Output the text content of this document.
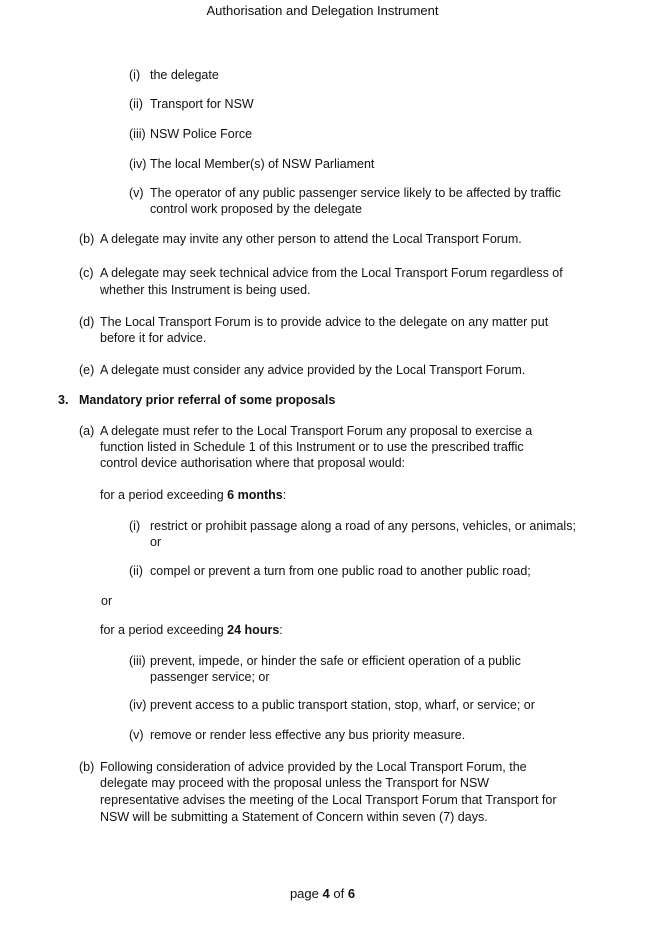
Authorisation and Delegation Instrument
(i) the delegate
(ii) Transport for NSW
(iii) NSW Police Force
(iv) The local Member(s) of NSW Parliament
(v) The operator of any public passenger service likely to be affected by traffic
control work proposed by the delegate
(b) A delegate may invite any other person to attend the Local Transport Forum.
(c) A delegate may seek technical advice from the Local Transport Forum regardless of
whether this Instrument is being used.
(d) The Local Transport Forum is to provide advice to the delegate on any matter put
before it for advice.
(e) A delegate must consider any advice provided by the Local Transport Forum.
3. Mandatory prior referral of some proposals
(a) A delegate must refer to the Local Transport Forum any proposal to exercise a
function listed in Schedule 1 of this Instrument or to use the prescribed traffic
control device authorisation where that proposal would:
for a period exceeding 6 months:
(i) restrict or prohibit passage along a road of any persons, vehicles, or animals;
or
(ii) compel or prevent a turn from one public road to another public road;
or
for a period exceeding 24 hours:
(iii) prevent, impede, or hinder the safe or efficient operation of a public
passenger service; or
(iv) prevent access to a public transport station, stop, wharf, or service; or
(v) remove or render less effective any bus priority measure.
(b) Following consideration of advice provided by the Local Transport Forum, the
delegate may proceed with the proposal unless the Transport for NSW
representative advises the meeting of the Local Transport Forum that Transport for
NSW will be submitting a Statement of Concern within seven (7) days.
page 4 of 6
